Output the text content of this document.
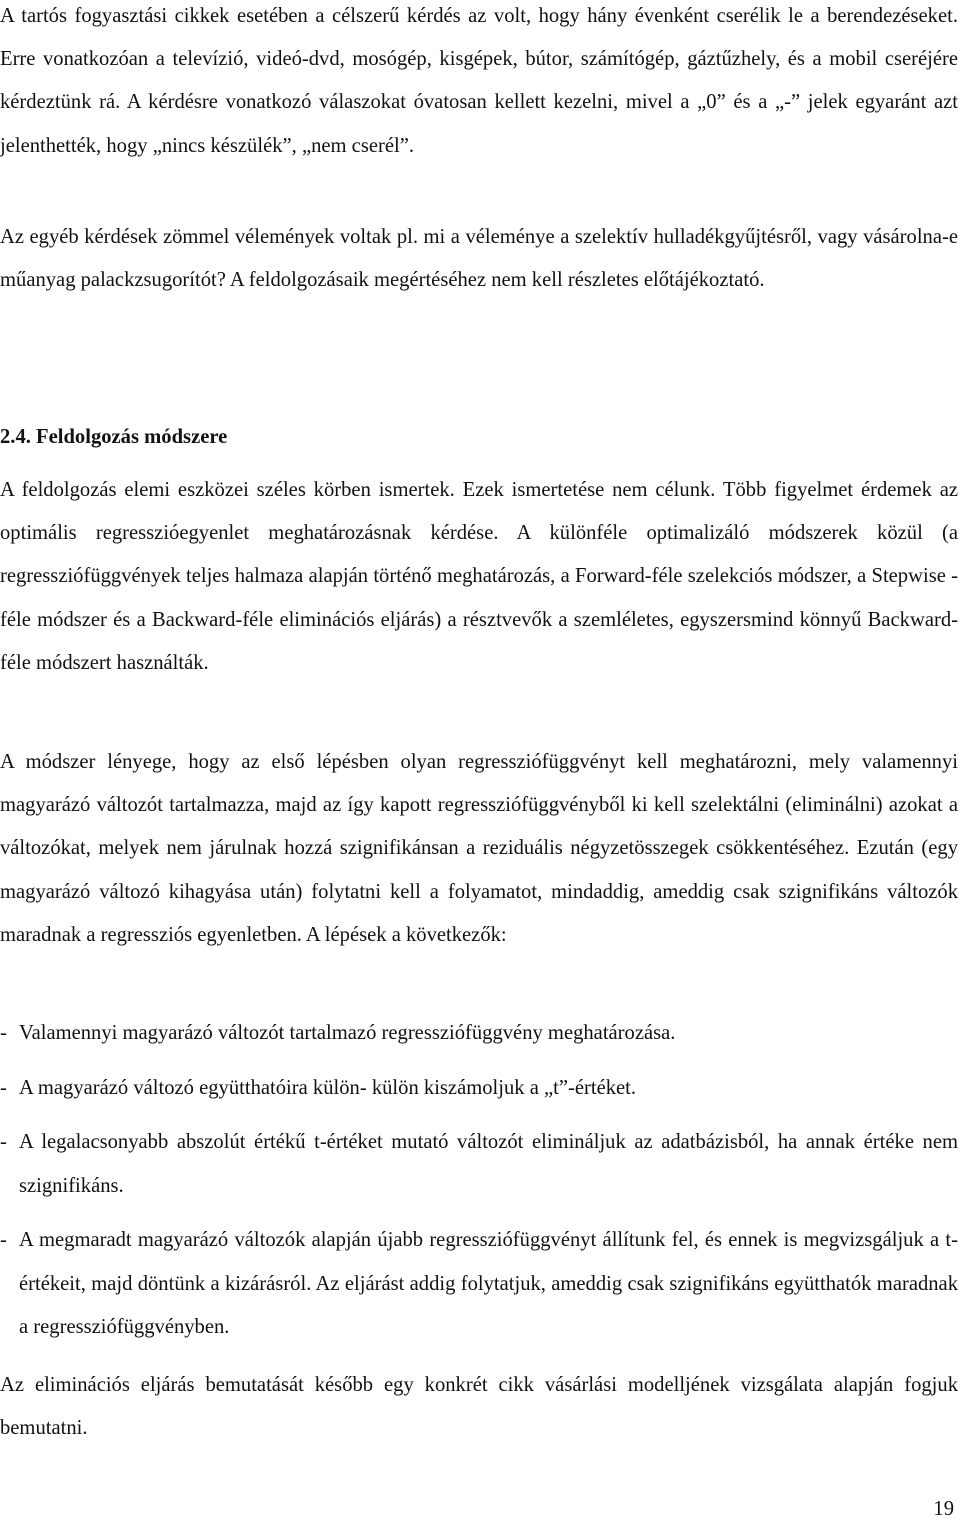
A tartós fogyasztási cikkek esetében a célszerű kérdés az volt, hogy hány évenként cserélik le a berendezéseket. Erre vonatkozóan a televízió, videó-dvd, mosógép, kisgépek, bútor, számítógép, gáztűzhely, és a mobil cseréjére kérdeztünk rá. A kérdésre vonatkozó válaszokat óvatosan kellett kezelni, mivel a „0” és a „-” jelek egyaránt azt jelenthették, hogy „nincs készülék”, „nem cserél”.

Az egyéb kérdések zömmel vélemények voltak pl. mi a véleménye a szelektív hulladékgyűjtésről, vagy vásárolna-e műanyag palackzsugorítót? A feldolgozásaik megértéséhez nem kell részletes előtájékoztató.

2.4. Feldolgozás módszere

A feldolgozás elemi eszközei széles körben ismertek. Ezek ismertetése nem célunk. Több figyelmet érdemek az optimális regresszióegyenlet meghatározásnak kérdése. A különféle optimalizáló módszerek közül (a regressziófüggvények teljes halmaza alapján történő meghatározás, a Forward-féle szelekciós módszer, a Stepwise -féle módszer és a Backward-féle eliminációs eljárás) a résztvevők a szemléletes, egyszersmind könnyű Backward-féle módszert használták.

A módszer lényege, hogy az első lépésben olyan regressziófüggvényt kell meghatározni, mely valamennyi magyarázó változót tartalmazza, majd az így kapott regressziófüggvényből ki kell szelektálni (eliminálni) azokat a változókat, melyek nem járulnak hozzá szignifikánsan a reziduális négyzetösszegek csökkentéséhez. Ezután (egy magyarázó változó kihagyása után) folytatni kell a folyamatot, mindaddig, ameddig csak szignifikáns változók maradnak a regressziós egyenletben. A lépések a következők:

- Valamennyi magyarázó változót tartalmazó regressziófüggvény meghatározása.
- A magyarázó változó együtthatóira külön- külön kiszámoljuk a „t”-értéket.
- A legalacsonyabb abszolút értékű t-értéket mutató változót elimináljuk az adatbázisból, ha annak értéke nem szignifikáns.
- A megmaradt magyarázó változók alapján újabb regressziófüggvényt állítunk fel, és ennek is megvizsgáljuk a t-értékeit, majd döntünk a kizárásról. Az eljárást addig folytatjuk, ameddig csak szignifikáns együtthatók maradnak a regressziófüggvényben.

Az eliminációs eljárás bemutatását később egy konkrét cikk vásárlási modelljének vizsgálata alapján fogjuk bemutatni.

19
